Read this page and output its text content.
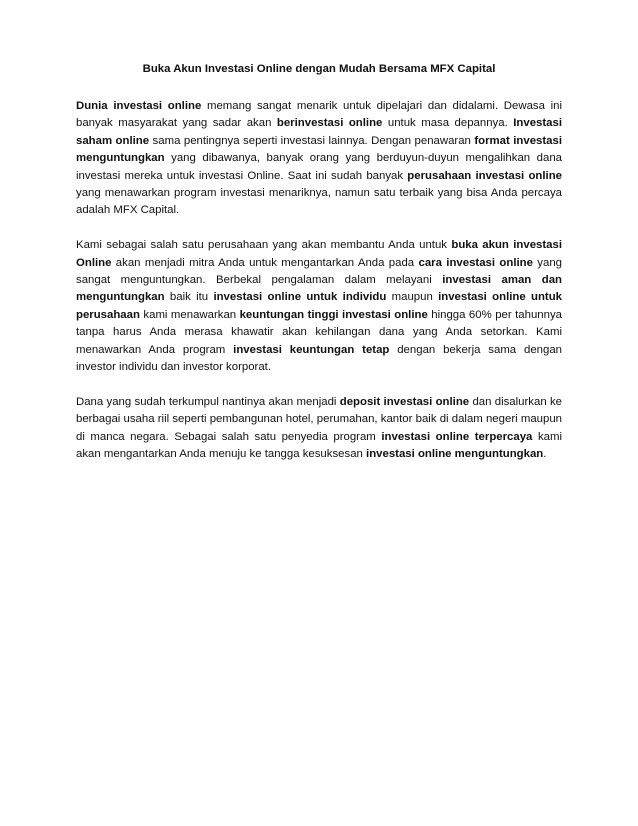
Buka Akun Investasi Online dengan Mudah Bersama MFX Capital

Dunia investasi online memang sangat menarik untuk dipelajari dan didalami. Dewasa ini banyak masyarakat yang sadar akan berinvestasi online untuk masa depannya. Investasi saham online sama pentingnya seperti investasi lainnya. Dengan penawaran format investasi menguntungkan yang dibawanya, banyak orang yang berduyun-duyun mengalihkan dana investasi mereka untuk investasi Online. Saat ini sudah banyak perusahaan investasi online yang menawarkan program investasi menariknya, namun satu terbaik yang bisa Anda percaya adalah MFX Capital.

Kami sebagai salah satu perusahaan yang akan membantu Anda untuk buka akun investasi Online akan menjadi mitra Anda untuk mengantarkan Anda pada cara investasi online yang sangat menguntungkan. Berbekal pengalaman dalam melayani investasi aman dan menguntungkan baik itu investasi online untuk individu maupun investasi online untuk perusahaan kami menawarkan keuntungan tinggi investasi online hingga 60% per tahunnya tanpa harus Anda merasa khawatir akan kehilangan dana yang Anda setorkan. Kami menawarkan Anda program investasi keuntungan tetap dengan bekerja sama dengan investor individu dan investor korporat.

Dana yang sudah terkumpul nantinya akan menjadi deposit investasi online dan disalurkan ke berbagai usaha riil seperti pembangunan hotel, perumahan, kantor baik di dalam negeri maupun di manca negara. Sebagai salah satu penyedia program investasi online terpercaya kami akan mengantarkan Anda menuju ke tangga kesuksesan investasi online menguntungkan.
